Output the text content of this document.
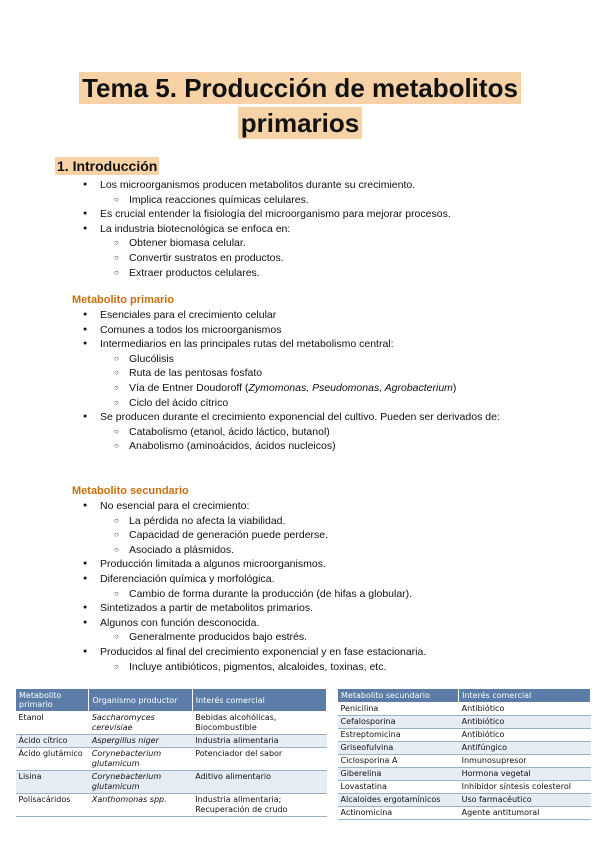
Tema 5. Producción de metabolitos
primarios
1. Introducción
● Los microorganismos producen metabolitos durante su crecimiento.
○ Implica reacciones químicas celulares.
● Es crucial entender la fisiología del microorganismo para mejorar procesos.
● La industria biotecnológica se enfoca en:
○ Obtener biomasa celular.
○ Convertir sustratos en productos.
○ Extraer productos celulares.
Metabolito primario
● Esenciales para el crecimiento celular
● Comunes a todos los microorganismos
● Intermediarios en las principales rutas del metabolismo central:
○ Glucólisis
○ Ruta de las pentosas fosfato
○ Vía de Entner Doudoroff (Zymomonas, Pseudomonas, Agrobacterium)
○ Ciclo del ácido cítrico
● Se producen durante el crecimiento exponencial del cultivo. Pueden ser derivados de:
○ Catabolismo (etanol, ácido láctico, butanol)
○ Anabolismo (aminoácidos, ácidos nucleicos)
Metabolito secundario
● No esencial para el crecimiento:
○ La pérdida no afecta la viabilidad.
○ Capacidad de generación puede perderse.
○ Asociado a plásmidos.
● Producción limitada a algunos microorganismos.
● Diferenciación química y morfológica.
○ Cambio de forma durante la producción (de hifas a globular).
● Sintetizados a partir de metabolitos primarios.
● Algunos con función desconocida.
○ Generalmente producidos bajo estrés.
● Producidos al final del crecimiento exponencial y en fase estacionaria.
○ Incluye antibióticos, pigmentos, alcaloides, toxinas, etc.
Metabolito primario	Organismo productor	Interés comercial
Etanol	Saccharomyces cerevisiae	Bebidas alcohólicas, Biocombustible
Ácido cítrico	Aspergillus niger	Industria alimentaria
Ácido glutámico	Corynebacterium glutamicum	Potenciador del sabor
Lisina	Corynebacterium glutamicum	Aditivo alimentario
Polisacáridos	Xanthomonas spp.	Industria alimentaria; Recuperación de crudo
Metabolito secundario	Interés comercial
Penicilina	Antibiótico
Cefalosporina	Antibiótico
Estreptomicina	Antibiótico
Griseofulvina	Antifúngico
Ciclosporina A	Inmunosupresor
Giberelina	Hormona vegetal
Lovastatina	Inhibidor síntesis colesterol
Alcaloides ergotamínicos	Uso farmacéutico
Actinomicina	Agente antitumoral
